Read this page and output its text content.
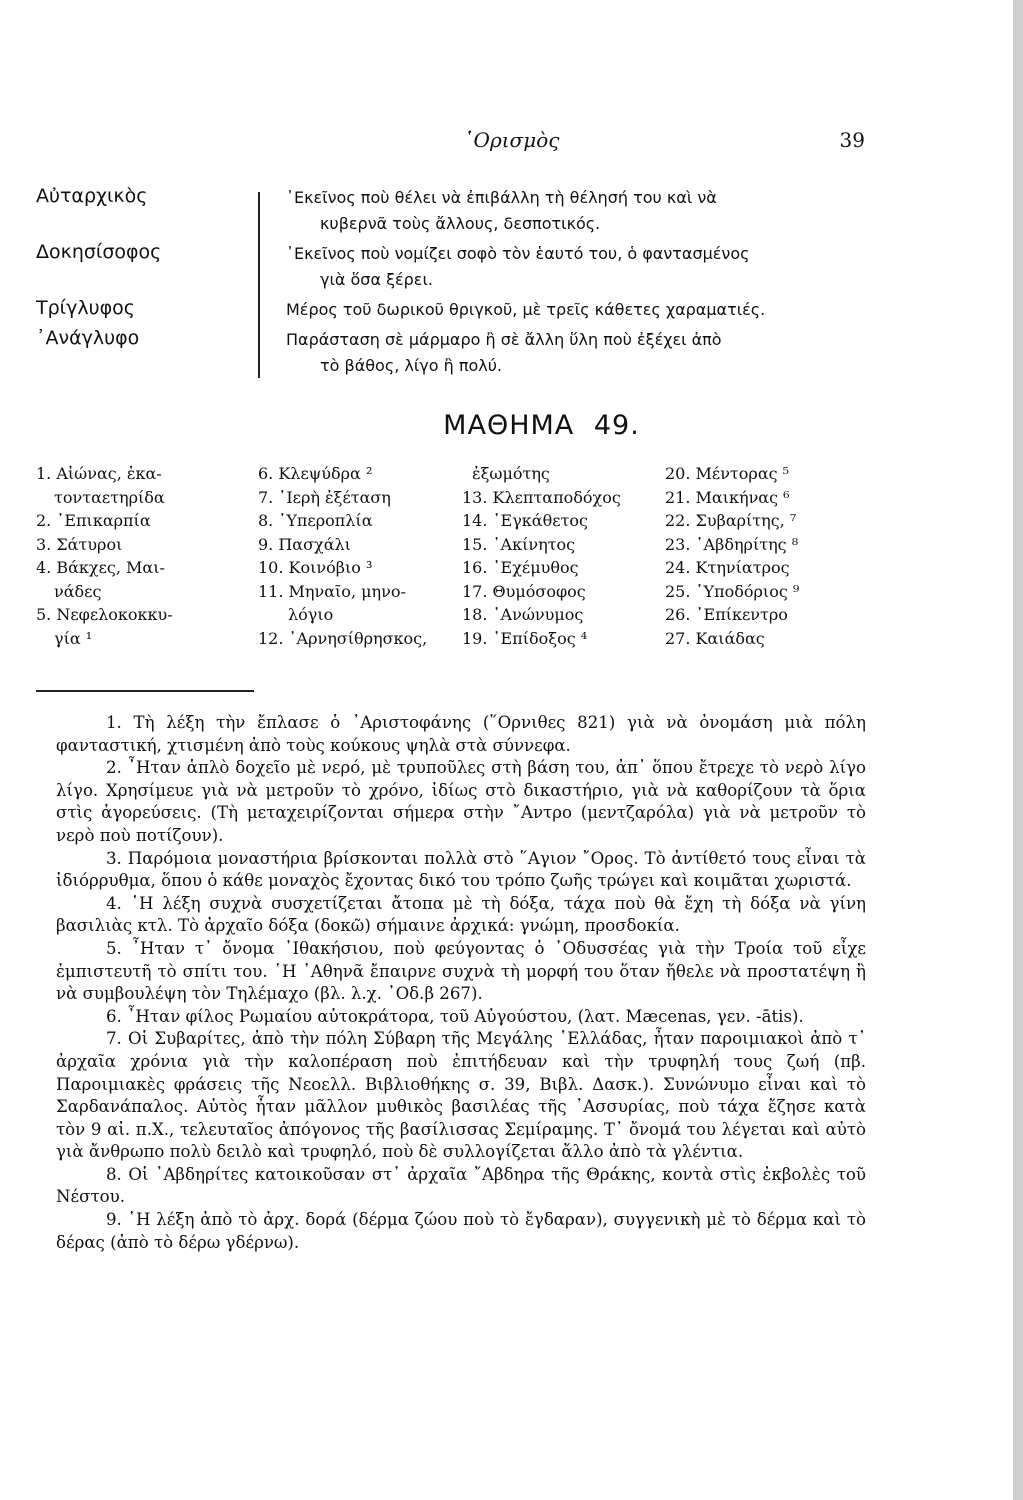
῾Ορισμὸς	39
Αὐταρχικὸς	᾿Εκεῖνος ποὺ θέλει νὰ ἐπιβάλλη τὴ θέλησή του καὶ νὰ
κυβερνᾶ τοὺς ἄλλους, δεσποτικός.
Δοκησίσοφος	᾿Εκεῖνος ποὺ νομίζει σοφὸ τὸν ἑαυτό του, ὁ φαντασμένος
γιὰ ὅσα ξέρει.
Τρίγλυφος	Μέρος τοῦ δωρικοῦ θριγκοῦ, μὲ τρεῖς κάθετες χαραματιές.
᾿Ανάγλυφο	Παράσταση σὲ μάρμαρο ἢ σὲ ἄλλη ὕλη ποὺ ἐξέχει ἀπὸ
τὸ βάθος, λίγο ἢ πολύ.
ΜΑΘΗΜΑ 49.
1. Αἰώνας, ἑκα-
τονταετηρίδα
2. ᾿Επικαρπία
3. Σάτυροι
4. Βάκχες, Μαι-
νάδες
5. Νεφελοκοκκυ-
γία ¹
6. Κλεψύδρα ²
7. ῾Ιερὴ ἐξέταση
8. ῾Υπεροπλία
9. Πασχάλι
10. Κοινόβιο ³
11. Μηναῖο, μηνο-
λόγιο
12. ᾿Αρνησίθρησκος,
ἐξωμότης
13. Κλεπταποδόχος
14. ᾿Εγκάθετος
15. ᾿Ακίνητος
16. ᾿Εχέμυθος
17. Θυμόσοφος
18. ᾿Ανώνυμος
19. ᾿Επίδοξος ⁴
20. Μέντορας ⁵
21. Μαικήνας ⁶
22. Συβαρίτης, ⁷
23. ᾿Αβδηρίτης ⁸
24. Κτηνίατρος
25. ῾Υποδόριος ⁹
26. ᾿Επίκεντρο
27. Καιάδας

1. Τὴ λέξη τὴν ἔπλασε ὁ ᾿Αριστοφάνης (῞Ορνιθες 821) γιὰ νὰ ὀνομάση μιὰ πόλη φανταστική, χτισμένη ἀπὸ τοὺς κούκους ψηλὰ στὰ σύννεφα.

2. ῏Ηταν ἁπλὸ δοχεῖο μὲ νερό, μὲ τρυποῦλες στὴ βάση του, ἀπ᾿ ὅπου ἔτρεχε τὸ νερὸ λίγο λίγο. Χρησίμευε γιὰ νὰ μετροῦν τὸ χρόνο, ἰδίως στὸ δικαστήριο, γιὰ νὰ καθορίζουν τὰ ὅρια στὶς ἀγορεύσεις. (Τὴ μεταχειρίζονται σήμερα στὴν ῎Αντρο (μεντζαρόλα) γιὰ νὰ μετροῦν τὸ νερὸ ποὺ ποτίζουν).

3. Παρόμοια μοναστήρια βρίσκονται πολλὰ στὸ ῞Αγιον ῎Ορος. Τὸ ἀντίθετό τους εἶναι τὰ ἰδιόρρυθμα, ὅπου ὁ κάθε μοναχὸς ἔχοντας δικό του τρόπο ζωῆς τρώγει καὶ κοιμᾶται χωριστά.

4. ῾Η λέξη συχνὰ συσχετίζεται ἄτοπα μὲ τὴ δόξα, τάχα ποὺ θὰ ἔχη τὴ δόξα νὰ γίνη βασιλιὰς κτλ. Τὸ ἀρχαῖο δόξα (δοκῶ) σήμαινε ἀρχικά: γνώμη, προσδοκία.

5. ῏Ηταν τ᾿ ὄνομα ᾿Ιθακήσιου, ποὺ φεύγοντας ὁ ᾿Οδυσσέας γιὰ τὴν Τροία τοῦ εἶχε ἐμπιστευτῆ τὸ σπίτι του. ῾Η ᾿Αθηνᾶ ἔπαιρνε συχνὰ τὴ μορφή του ὅταν ἤθελε νὰ προστατέψη ἢ νὰ συμβουλέψη τὸν Τηλέμαχο (βλ. λ.χ. ᾿Οδ.β 267).

6. ῏Ηταν φίλος Ρωμαίου αὐτοκράτορα, τοῦ Αὐγούστου, (λατ. Mæcenas, γεν. -ātis).

7. Οἱ Συβαρίτες, ἀπὸ τὴν πόλη Σύβαρη τῆς Μεγάλης ῾Ελλάδας, ἦταν παροιμιακοὶ ἀπὸ τ᾿ ἀρχαῖα χρόνια γιὰ τὴν καλοπέραση ποὺ ἐπιτήδευαν καὶ τὴν τρυφηλή τους ζωή (πβ. Παροιμιακὲς φράσεις τῆς Νεοελλ. Βιβλιοθήκης σ. 39, Βιβλ. Δασκ.). Συνώνυμο εἶναι καὶ τὸ Σαρδανάπαλος. Αὐτὸς ἦταν μᾶλλον μυθικὸς βασιλέας τῆς ᾿Ασσυρίας, ποὺ τάχα ἔζησε κατὰ τὸν 9 αἰ. π.Χ., τελευταῖος ἀπόγονος τῆς βασίλισσας Σεμίραμης. Τ᾿ ὄνομά του λέγεται καὶ αὐτὸ γιὰ ἄνθρωπο πολὺ δειλὸ καὶ τρυφηλό, ποὺ δὲ συλλογίζεται ἄλλο ἀπὸ τὰ γλέντια.

8. Οἱ ᾿Αβδηρίτες κατοικοῦσαν στ᾿ ἀρχαῖα ῎Αβδηρα τῆς Θράκης, κοντὰ στὶς ἐκβολὲς τοῦ Νέστου.

9. ῾Η λέξη ἀπὸ τὸ ἀρχ. δορά (δέρμα ζώου ποὺ τὸ ἔγδαραν), συγγενικὴ μὲ τὸ δέρμα καὶ τὸ δέρας (ἀπὸ τὸ δέρω γδέρνω).
